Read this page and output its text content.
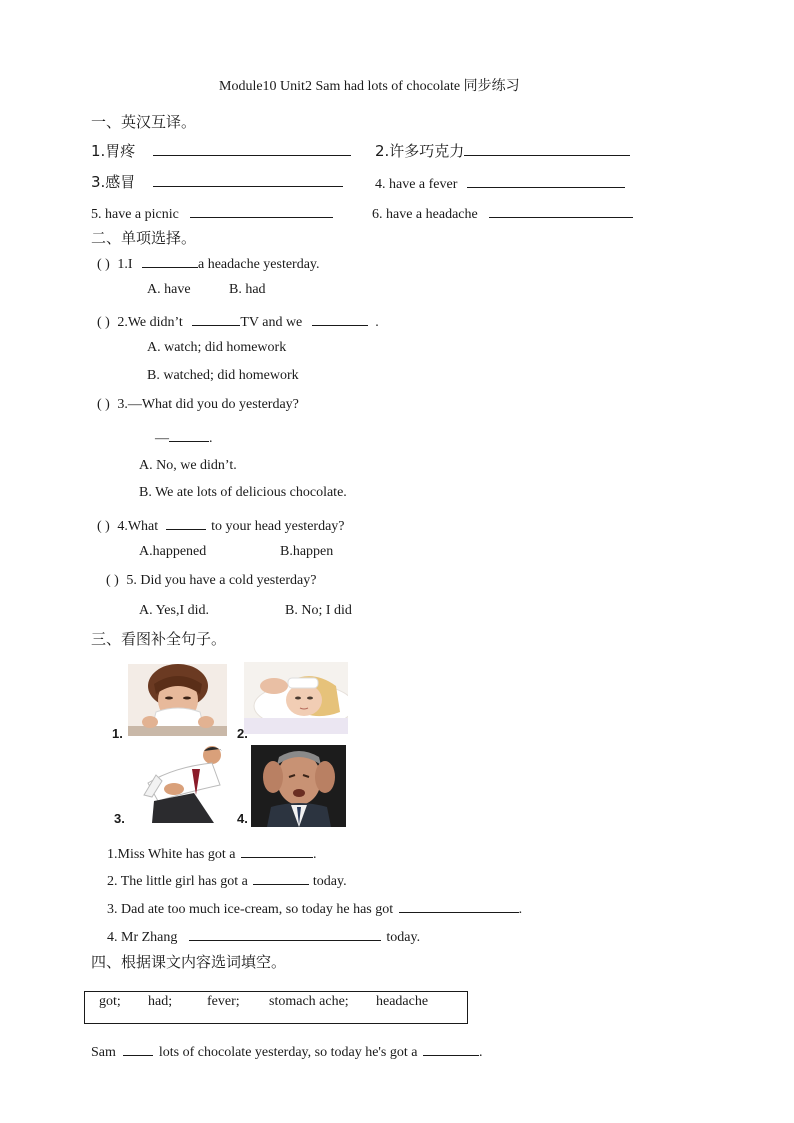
Module10 Unit2 Sam had lots of chocolate 同步练习
一、英汉互译。
1.胃疼	2.许多巧克力
3.感冒	4. have a fever
5. have a picnic	6. have a headache
二、单项选择。
( ) 1.I	a headache yesterday.
A. have	B. had
( ) 2.We didn’t	TV and we	.
A. watch; did homework
B. watched; did homework
( ) 3.—What did you do yesterday?
—	.
A. No, we didn’t.
B. We ate lots of delicious chocolate.
( ) 4.What	to your head yesterday?
A.happened	B.happen
( ) 5. Did you have a cold yesterday?
A. Yes,I did.	B. No; I did
三、看图补全句子。
1.	2.
3.	4.
1.Miss White has got a	.
2. The little girl has got a	today.
3. Dad ate too much ice-cream, so today he has got	.
4. Mr Zhang	today.
四、根据课文内容选词填空。
got; had; fever; stomach ache; headache
Sam	lots of chocolate yesterday, so today he's got a	.
